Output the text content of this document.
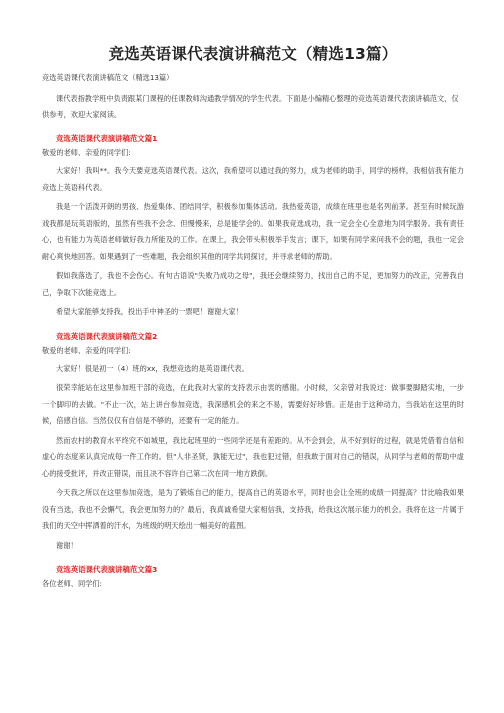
竞选英语课代表演讲稿范文（精选13篇）
竞选英语课代表演讲稿范文（精选13篇）
课代表指教学班中负责跟某门课程的任课教师沟通教学情况的学生代表。下面是小编精心整理的竞选英语课代表演讲稿范文，仅供参考，欢迎大家阅读。
竞选英语课代表演讲稿范文篇1
敬爱的老师、亲爱的同学们:
大家好！我叫**。我今天要竞选英语课代表。这次，我希望可以通过我的努力，成为老师的助手，同学的榜样，我相信我有能力竞选上英语科代表。
我是一个活泼开朗的男孩、热爱集体、团结同学，积极参加集体活动。我热爱英语，成绩在班里也是名列前茅。甚至有时候玩游戏我都是玩英语版的，虽然有些我不会念、但慢慢来，总是能学会的。如果我竞选成功，我一定会全心全意地为同学服务。我有责任心，也有能力为英语老师做好我力所能及的工作。在课上，我会带头积极举手发言；课下，如果有同学来问我不会的题，我也一定会耐心爽快地回答。如果遇到了一些难题，我会组织其他的同学共同探讨，并寻求老师的帮助。
假如我落选了，我也不会伤心。有句古语说"失败乃成功之母"，我还会继续努力，找出自己的不足，更加努力的改正，完善我自己，争取下次能竞选上。
希望大家能够支持我，投出手中神圣的一票吧！谢谢大家！
竞选英语课代表演讲稿范文篇2
敬爱的老师、亲爱的同学们:
大家好！很是初一（4）班的xx，我想竞选的是英语课代表。
很荣幸能站在这里参加班干部的竞选，在此我对大家的支持表示由衷的感谢。小时候，父亲曾对我说过：做事要脚踏实地，一步一个脚印的去做。"不止一次，站上讲台参加竞选，我深感机会的来之不易，需要好好珍惜。正是由于这种动力，当我站在这里的时候，倍感自信。当然仅仅有自信是不够的，还要有一定的能力。
然而农村的教育水平终究不如城里，我比起班里的一些同学还是有差距的。从不会到会，从不好到好的过程，就是凭借着自信和虚心的态度来认真完成每一件工作的。但"人非圣贤，孰能无过"，我也犯过错，但我敢于面对自己的错误，从同学与老师的帮助中虚心的接受批评，并改正错误，而且决不容许自己第二次在同一地方跌倒。
今天我之所以在这里参加竞选，是为了锻炼自己的能力，提高自己的英语水平，同时也会让全班的成绩一同提高？廿比喻我如果没有当选，我也不会懈气，我会更加努力的？最后，我真诚希望大家相信我，支持我，给我这次展示能力的机会。我将在这一片属于我们的天空中挥洒着的汗水，为班级的明天绘出一幅美好的蓝图。
谢谢！
竞选英语课代表演讲稿范文篇3
各位老师、同学们:
